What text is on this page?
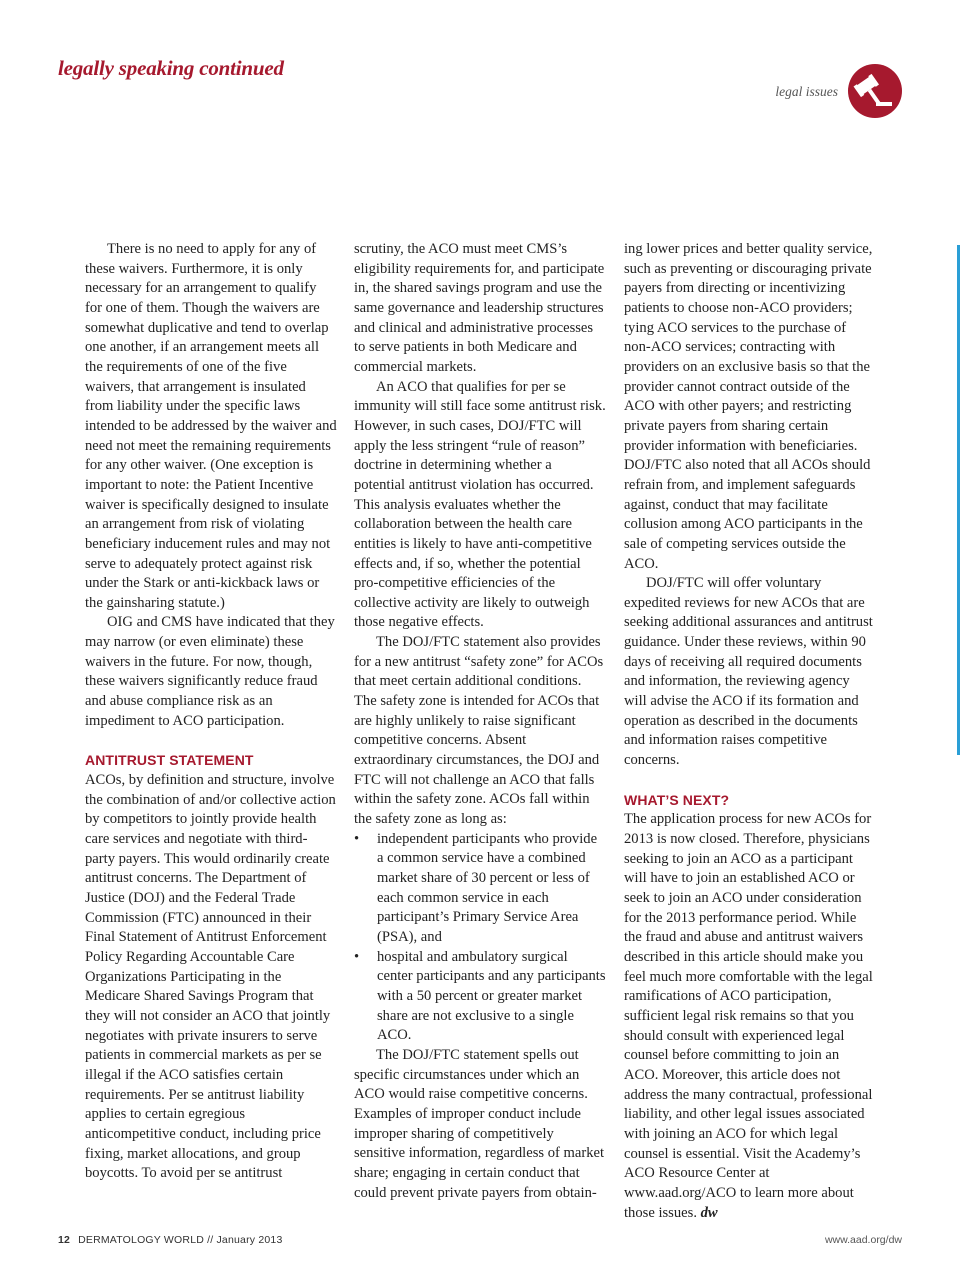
legally speaking continued
legal issues

There is no need to apply for any of these waivers. Furthermore, it is only necessary for an arrangement to qualify for one of them. Though the waivers are somewhat duplicative and tend to overlap one another, if an arrangement meets all the requirements of one of the five waivers, that arrangement is insulated from liability under the specific laws intended to be addressed by the waiver and need not meet the remaining requirements for any other waiver. (One exception is important to note: the Patient Incentive waiver is specifically designed to insulate an arrangement from risk of violating beneficiary inducement rules and may not serve to adequately protect against risk under the Stark or anti-kickback laws or the gainsharing statute.)

OIG and CMS have indicated that they may narrow (or even eliminate) these waivers in the future. For now, though, these waivers significantly reduce fraud and abuse compliance risk as an impediment to ACO participation.

ANTITRUST STATEMENT

ACOs, by definition and structure, involve the combination of and/or collective action by competitors to jointly provide health care services and negotiate with third-party payers. This would ordinarily create antitrust concerns. The Department of Justice (DOJ) and the Federal Trade Commission (FTC) announced in their Final Statement of Antitrust Enforcement Policy Regarding Accountable Care Organizations Participating in the Medicare Shared Savings Program that they will not consider an ACO that jointly negotiates with private insurers to serve patients in commercial markets as per se illegal if the ACO satisfies certain requirements. Per se antitrust liability applies to certain egregious anticompetitive conduct, including price fixing, market allocations, and group boycotts. To avoid per se antitrust

scrutiny, the ACO must meet CMS’s eligibility requirements for, and participate in, the shared savings program and use the same governance and leadership structures and clinical and administrative processes to serve patients in both Medicare and commercial markets.

An ACO that qualifies for per se immunity will still face some antitrust risk. However, in such cases, DOJ/FTC will apply the less stringent “rule of reason” doctrine in determining whether a potential antitrust violation has occurred. This analysis evaluates whether the collaboration between the health care entities is likely to have anti-competitive effects and, if so, whether the potential pro-competitive efficiencies of the collective activity are likely to outweigh those negative effects.

The DOJ/FTC statement also provides for a new antitrust “safety zone” for ACOs that meet certain additional conditions. The safety zone is intended for ACOs that are highly unlikely to raise significant competitive concerns. Absent extraordinary circumstances, the DOJ and FTC will not challenge an ACO that falls within the safety zone. ACOs fall within the safety zone as long as:

• independent participants who provide a common service have a combined market share of 30 percent or less of each common service in each participant’s Primary Service Area (PSA), and
• hospital and ambulatory surgical center participants and any participants with a 50 percent or greater market share are not exclusive to a single ACO.

The DOJ/FTC statement spells out specific circumstances under which an ACO would raise competitive concerns. Examples of improper conduct include improper sharing of competitively sensitive information, regardless of market share; engaging in certain conduct that could prevent private payers from obtain-

ing lower prices and better quality service, such as preventing or discouraging private payers from directing or incentivizing patients to choose non-ACO providers; tying ACO services to the purchase of non-ACO services; contracting with providers on an exclusive basis so that the provider cannot contract outside of the ACO with other payers; and restricting private payers from sharing certain provider information with beneficiaries. DOJ/FTC also noted that all ACOs should refrain from, and implement safeguards against, conduct that may facilitate collusion among ACO participants in the sale of competing services outside the ACO.

DOJ/FTC will offer voluntary expedited reviews for new ACOs that are seeking additional assurances and antitrust guidance. Under these reviews, within 90 days of receiving all required documents and information, the reviewing agency will advise the ACO if its formation and operation as described in the documents and information raises competitive concerns.

WHAT’S NEXT?

The application process for new ACOs for 2013 is now closed. Therefore, physicians seeking to join an ACO as a participant will have to join an established ACO or seek to join an ACO under consideration for the 2013 performance period. While the fraud and abuse and antitrust waivers described in this article should make you feel much more comfortable with the legal ramifications of ACO participation, sufficient legal risk remains so that you should consult with experienced legal counsel before committing to join an ACO. Moreover, this article does not address the many contractual, professional liability, and other legal issues associated with joining an ACO for which legal counsel is essential. Visit the Academy’s ACO Resource Center at www.aad.org/ACO to learn more about those issues. dw

12 DERMATOLOGY WORLD // January 2013	www.aad.org/dw
